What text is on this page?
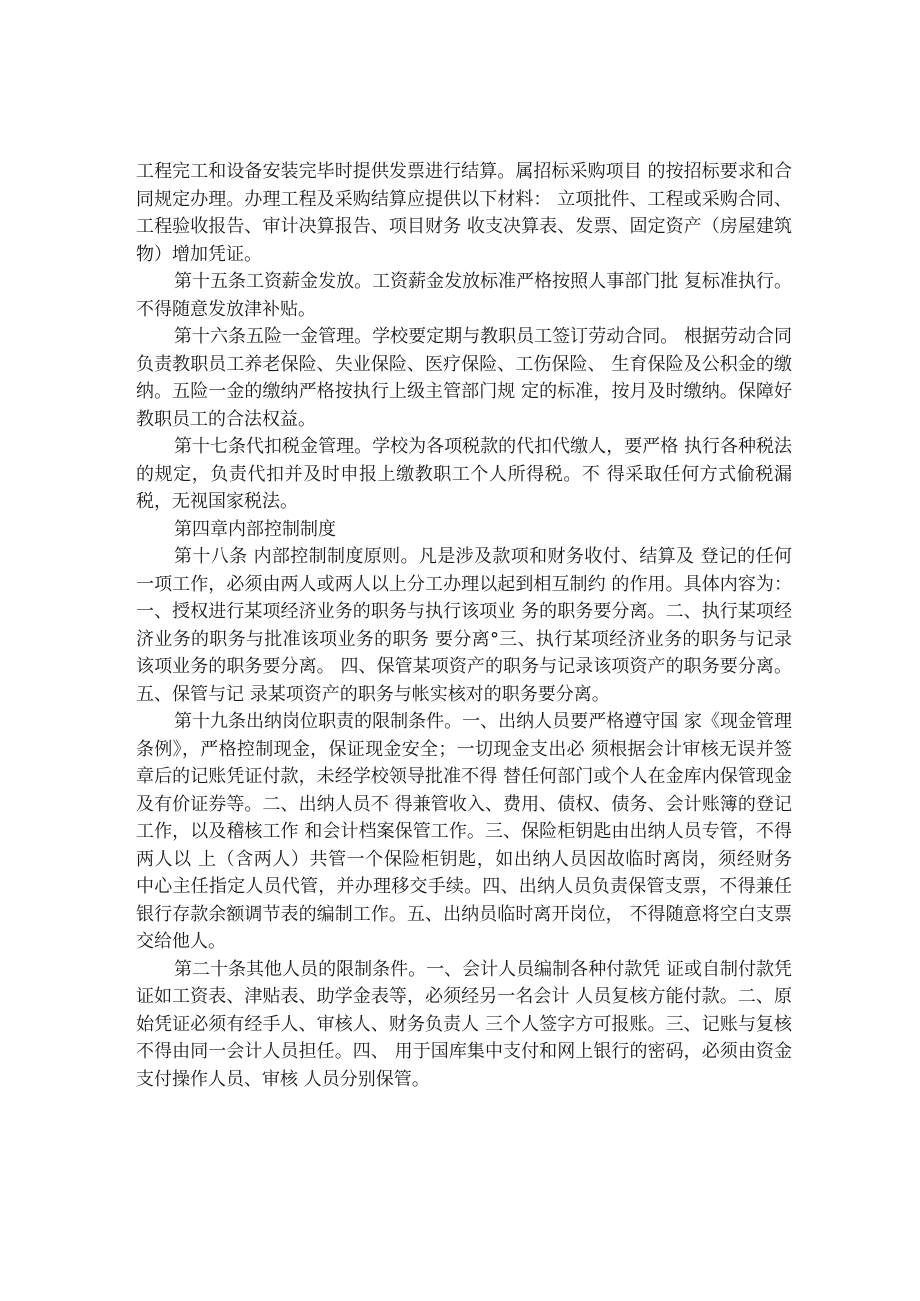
工程完工和设备安装完毕时提供发票进行结算。属招标采购项目 的按招标要求和合同规定办理。办理工程及采购结算应提供以下材料： 立项批件、工程或采购合同、工程验收报告、审计决算报告、项目财务 收支决算表、发票、固定资产（房屋建筑物）增加凭证。

第十五条工资薪金发放。工资薪金发放标准严格按照人事部门批 复标准执行。不得随意发放津补贴。

第十六条五险一金管理。学校要定期与教职员工签订劳动合同。 根据劳动合同负责教职员工养老保险、失业保险、医疗保险、工伤保险、 生育保险及公积金的缴纳。五险一金的缴纳严格按执行上级主管部门规 定的标准，按月及时缴纳。保障好教职员工的合法权益。

第十七条代扣税金管理。学校为各项税款的代扣代缴人，要严格 执行各种税法的规定，负责代扣并及时申报上缴教职工个人所得税。不 得采取任何方式偷税漏税，无视国家税法。

第四章内部控制制度

第十八条 内部控制制度原则。凡是涉及款项和财务收付、结算及 登记的任何一项工作，必须由两人或两人以上分工办理以起到相互制约 的作用。具体内容为：一、授权进行某项经济业务的职务与执行该项业 务的职务要分离。二、执行某项经济业务的职务与批准该项业务的职务 要分离°三、执行某项经济业务的职务与记录该项业务的职务要分离。 四、保管某项资产的职务与记录该项资产的职务要分离。五、保管与记 录某项资产的职务与帐实核对的职务要分离。

第十九条出纳岗位职责的限制条件。一、出纳人员要严格遵守国 家《现金管理条例》，严格控制现金，保证现金安全；一切现金支出必 须根据会计审核无误并签章后的记账凭证付款，未经学校领导批准不得 替任何部门或个人在金库内保管现金及有价证券等。二、出纳人员不 得兼管收入、费用、债权、债务、会计账簿的登记工作，以及稽核工作 和会计档案保管工作。三、保险柜钥匙由出纳人员专管，不得两人以 上（含两人）共管一个保险柜钥匙，如出纳人员因故临时离岗，须经财务 中心主任指定人员代管，并办理移交手续。四、出纳人员负责保管支票，不得兼任银行存款余额调节表的编制工作。五、出纳员临时离开岗位， 不得随意将空白支票交给他人。

第二十条其他人员的限制条件。一、会计人员编制各种付款凭 证或自制付款凭证如工资表、津贴表、助学金表等，必须经另一名会计 人员复核方能付款。二、原始凭证必须有经手人、审核人、财务负责人 三个人签字方可报账。三、记账与复核不得由同一会计人员担任。四、 用于国库集中支付和网上银行的密码，必须由资金支付操作人员、审核 人员分别保管。
